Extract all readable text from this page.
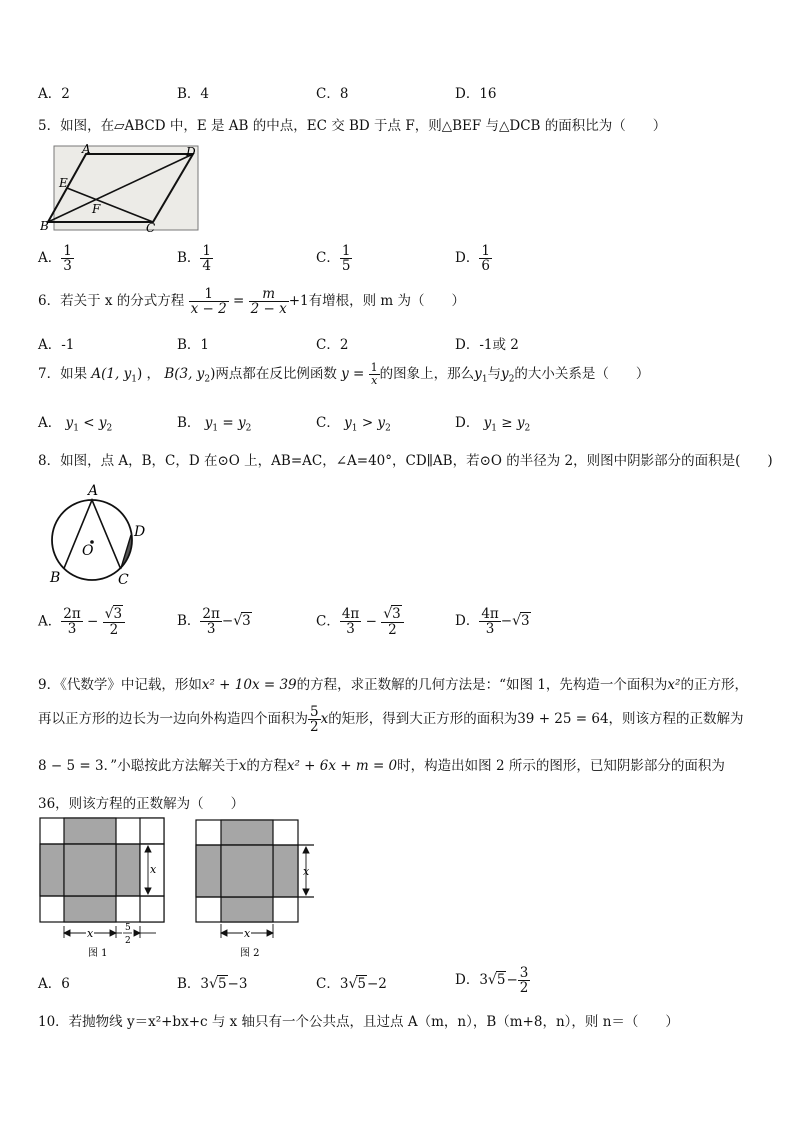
A．2	B．4	C．8	D．16
5．如图，在▱ABCD 中，E 是 AB 的中点，EC 交 BD 于点 F，则△BEF 与△DCB 的面积比为（　　）
A	D
E
F
B	C
A． $\frac{1}{3}$	B． $\frac{1}{4}$	C． $\frac{1}{5}$	D． $\frac{1}{6}$
6．若关于 x 的分式方程 $\frac{1}{x - 2} = \frac{m}{2 - x} +1$有增根，则 m 为（　　）
A．-1	B．1	C．2	D．-1或 2
7．如果 A(1, $y_1$) ， B(3, $y_2$)两点都在反比例函数 $y = \frac{1}{x}$ 的图象上，那么$y_1$与$y_2$的大小关系是（　　）
A． $y_1 < y_2$	B． $y_1 = y_2$	C． $y_1 > y_2$	D． $y_1 \ge y_2$
8．如图，点 A，B，C，D 在⊙O 上，AB=AC，∠A=40°，CD∥AB，若⊙O 的半径为 2，则图中阴影部分的面积是(　　)
A
D
O
B	C
A． $\frac{2\pi}{3} - \frac{√3}{2}$	B． $\frac{2\pi}{3} -√3$	C． $\frac{4\pi}{3} - \frac{√3}{2}$	D． $\frac{4\pi}{3} -√3$
9．《代数学》中记载，形如x² + 10x = 39的方程，求正数解的几何方法是：“如图 1，先构造一个面积为x²的正方形，
再以正方形的边长为一边向外构造四个面积为 $\frac{5}{2}$ x的矩形，得到大正方形的面积为39 + 25 = 64，则该方程的正数解为
8 − 5 = 3．”小聪按此方法解关于x的方程x² + 6x + m = 0时，构造出如图 2 所示的图形，已知阴影部分的面积为
36，则该方程的正数解为（　　）
x
x	5
2
图 1
x
x
图 2
A．6	B．3√5−3	C．3√5−2	D．$3√5- \frac{3}{2}$
10．若抛物线 y＝x²+bx+c 与 x 轴只有一个公共点，且过点 A（m，n），B（m+8，n），则 n＝（　　）
